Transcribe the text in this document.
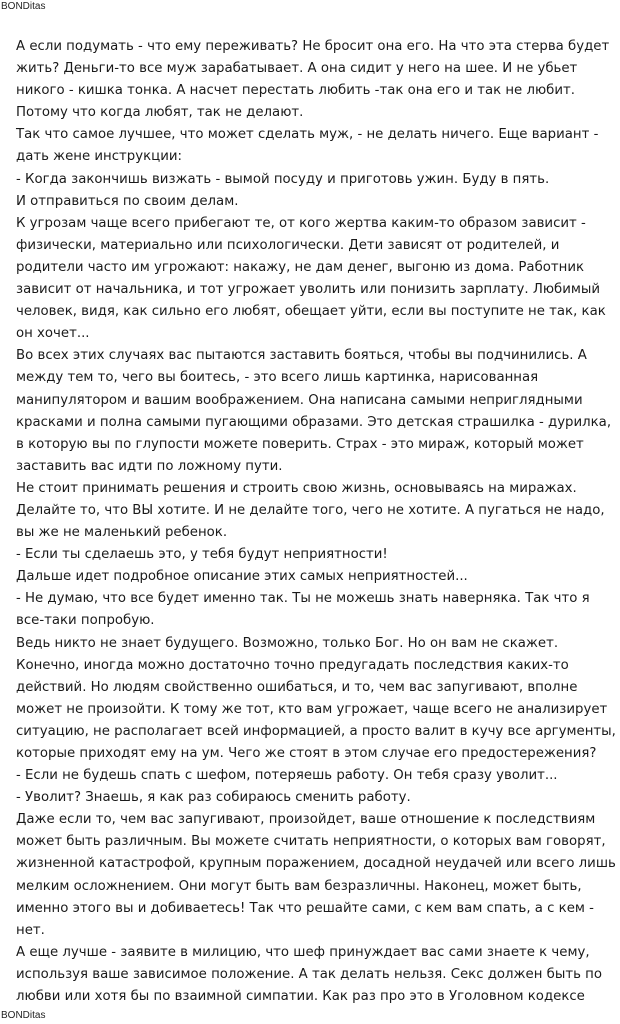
BONDitas
А если подумать - что ему переживать? Не бросит она его. На что эта стерва будет
жить? Деньги-то все муж зарабатывает. А она сидит у него на шее. И не убьет
никого - кишка тонка. А насчет перестать любить -так она его и так не любит.
Потому что когда любят, так не делают.
Так что самое лучшее, что может сделать муж, - не делать ничего. Еще вариант -
дать жене инструкции:
- Когда закончишь визжать - вымой посуду и приготовь ужин. Буду в пять.
И отправиться по своим делам.
К угрозам чаще всего прибегают те, от кого жертва каким-то образом зависит -
физически, материально или психологически. Дети зависят от родителей, и
родители часто им угрожают: накажу, не дам денег, выгоню из дома. Работник
зависит от начальника, и тот угрожает уволить или понизить зарплату. Любимый
человек, видя, как сильно его любят, обещает уйти, если вы поступите не так, как
он хочет...
Во всех этих случаях вас пытаются заставить бояться, чтобы вы подчинились. А
между тем то, чего вы боитесь, - это всего лишь картинка, нарисованная
манипулятором и вашим воображением. Она написана самыми неприглядными
красками и полна самыми пугающими образами. Это детская страшилка - дурилка,
в которую вы по глупости можете поверить. Страх - это мираж, который может
заставить вас идти по ложному пути.
Не стоит принимать решения и строить свою жизнь, основываясь на миражах.
Делайте то, что ВЫ хотите. И не делайте того, чего не хотите. А пугаться не надо,
вы же не маленький ребенок.
- Если ты сделаешь это, у тебя будут неприятности!
Дальше идет подробное описание этих самых неприятностей...
- Не думаю, что все будет именно так. Ты не можешь знать наверняка. Так что я
все-таки попробую.
Ведь никто не знает будущего. Возможно, только Бог. Но он вам не скажет.
Конечно, иногда можно достаточно точно предугадать последствия каких-то
действий. Но людям свойственно ошибаться, и то, чем вас запугивают, вполне
может не произойти. К тому же тот, кто вам угрожает, чаще всего не анализирует
ситуацию, не располагает всей информацией, а просто валит в кучу все аргументы,
которые приходят ему на ум. Чего же стоят в этом случае его предостережения?
- Если не будешь спать с шефом, потеряешь работу. Он тебя сразу уволит...
- Уволит? Знаешь, я как раз собираюсь сменить работу.
Даже если то, чем вас запугивают, произойдет, ваше отношение к последствиям
может быть различным. Вы можете считать неприятности, о которых вам говорят,
жизненной катастрофой, крупным поражением, досадной неудачей или всего лишь
мелким осложнением. Они могут быть вам безразличны. Наконец, может быть,
именно этого вы и добиваетесь! Так что решайте сами, с кем вам спать, а с кем -
нет.
А еще лучше - заявите в милицию, что шеф принуждает вас сами знаете к чему,
используя ваше зависимое положение. А так делать нельзя. Секс должен быть по
любви или хотя бы по взаимной симпатии. Как раз про это в Уголовном кодексе
BONDitas
